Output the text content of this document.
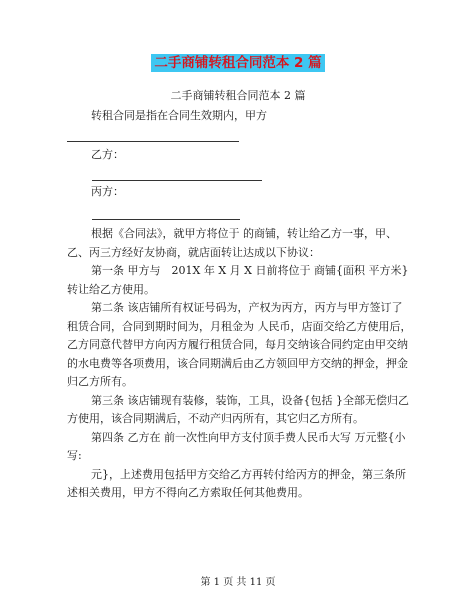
二手商铺转租合同范本 2 篇
二手商铺转租合同范本 2 篇

转租合同是指在合同生效期内，甲方

乙方：

丙方：

根据《合同法》，就甲方将位于 的商铺，转让给乙方一事，甲、乙、丙三方经好友协商，就店面转让达成以下协议：

第一条 甲方与　201X 年 X 月 X 日前将位于 商铺{面积 平方米}转让给乙方使用。

第二条 该店铺所有权证号码为，产权为丙方，丙方与甲方签订了租赁合同，合同到期时间为，月租金为 人民币，店面交给乙方使用后，乙方同意代替甲方向丙方履行租赁合同，每月交纳该合同约定由甲交纳的水电费等各项费用，该合同期满后由乙方领回甲方交纳的押金，押金归乙方所有。

第三条 该店铺现有装修，装饰，工具，设备{包括 }全部无偿归乙方使用，该合同期满后，不动产归丙所有，其它归乙方所有。

第四条 乙方在 前一次性向甲方支付顶手费人民币大写 万元整{小写:

元}，上述费用包括甲方交给乙方再转付给丙方的押金，第三条所述相关费用，甲方不得向乙方索取任何其他费用。

第 1 页 共 11 页
